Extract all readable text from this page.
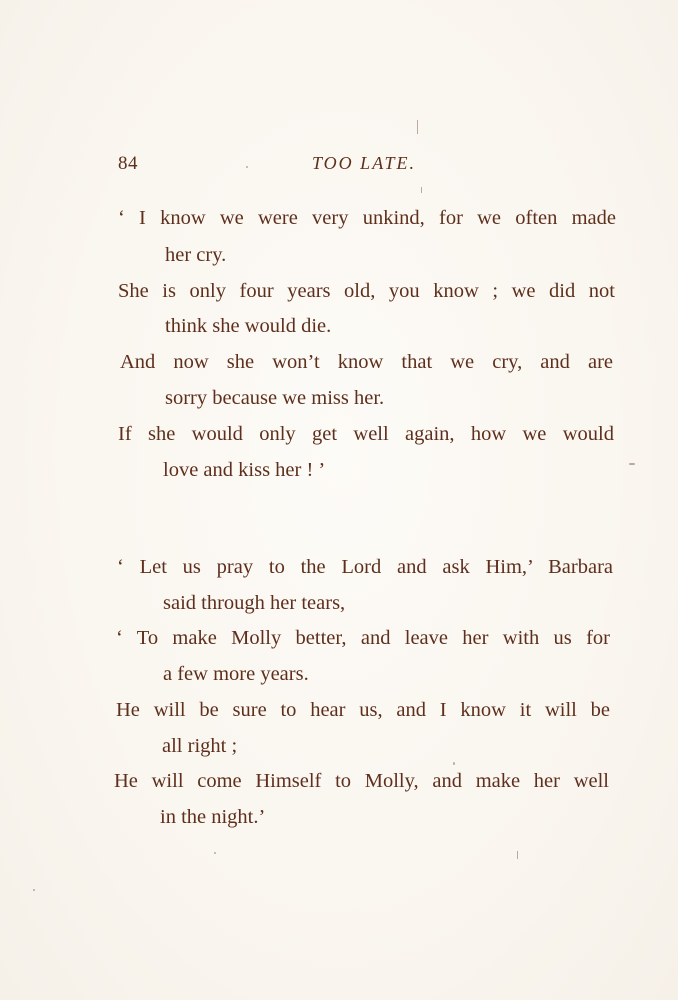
84	TOO LATE.
‘ I know we were very unkind, for we often made
her cry.
She is only four years old, you know ; we did not
think she would die.
And now she won’t know that we cry, and are
sorry because we miss her.
If she would only get well again, how we would
love and kiss her ! ’
‘ Let us pray to the Lord and ask Him,’ Barbara
said through her tears,
‘ To make Molly better, and leave her with us for
a few more years.
He will be sure to hear us, and I know it will be
all right ;
He will come Himself to Molly, and make her well
in the night.’
